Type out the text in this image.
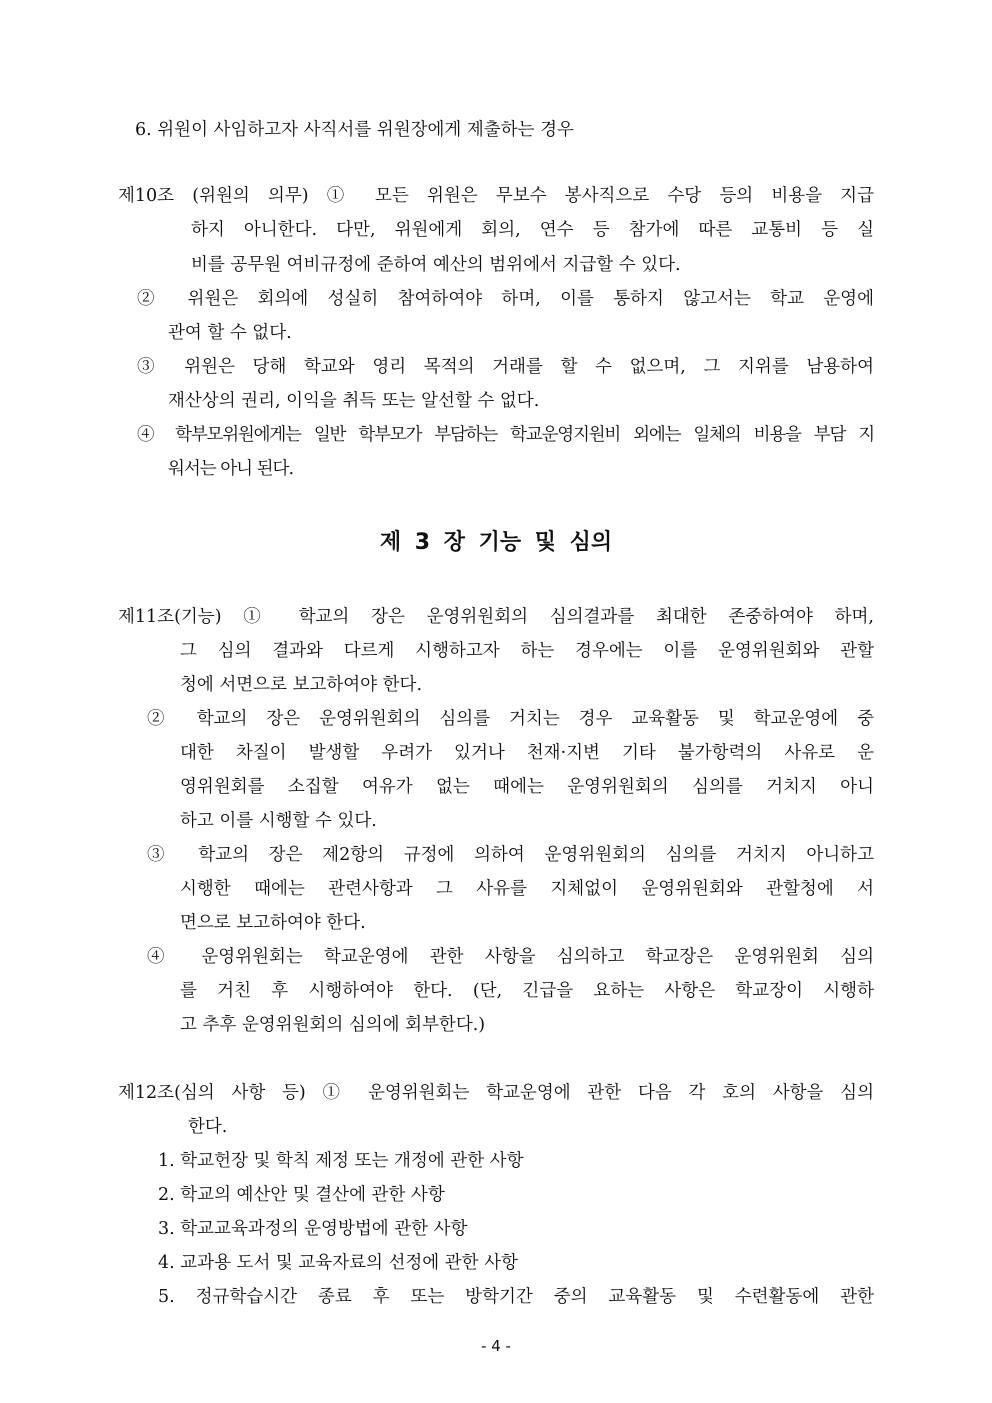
6. 위원이 사임하고자 사직서를 위원장에게 제출하는 경우
제10조 (위원의 의무) ① 모든 위원은 무보수 봉사직으로 수당 등의 비용을 지급
하지 아니한다. 다만, 위원에게 회의, 연수 등 참가에 따른 교통비 등 실
비를 공무원 여비규정에 준하여 예산의 범위에서 지급할 수 있다.
② 위원은 회의에 성실히 참여하여야 하며, 이를 통하지 않고서는 학교 운영에
관여 할 수 없다.
③ 위원은 당해 학교와 영리 목적의 거래를 할 수 없으며, 그 지위를 남용하여
재산상의 권리, 이익을 취득 또는 알선할 수 없다.
④ 학부모위원에게는 일반 학부모가 부담하는 학교운영지원비 외에는 일체의 비용을 부담 지
워서는 아니 된다.
제 3 장 기능 및 심의
제11조(기능) ① 학교의 장은 운영위원회의 심의결과를 최대한 존중하여야 하며,
그 심의 결과와 다르게 시행하고자 하는 경우에는 이를 운영위원회와 관할
청에 서면으로 보고하여야 한다.
② 학교의 장은 운영위원회의 심의를 거치는 경우 교육활동 및 학교운영에 중
대한 차질이 발생할 우려가 있거나 천재·지변 기타 불가항력의 사유로 운
영위원회를 소집할 여유가 없는 때에는 운영위원회의 심의를 거치지 아니
하고 이를 시행할 수 있다.
③ 학교의 장은 제2항의 규정에 의하여 운영위원회의 심의를 거치지 아니하고
시행한 때에는 관련사항과 그 사유를 지체없이 운영위원회와 관할청에 서
면으로 보고하여야 한다.
④ 운영위원회는 학교운영에 관한 사항을 심의하고 학교장은 운영위원회 심의
를 거친 후 시행하여야 한다. (단, 긴급을 요하는 사항은 학교장이 시행하
고 추후 운영위원회의 심의에 회부한다.)
제12조(심의 사항 등) ① 운영위원회는 학교운영에 관한 다음 각 호의 사항을 심의
한다.
1. 학교헌장 및 학칙 제정 또는 개정에 관한 사항
2. 학교의 예산안 및 결산에 관한 사항
3. 학교교육과정의 운영방법에 관한 사항
4. 교과용 도서 및 교육자료의 선정에 관한 사항
5. 정규학습시간 종료 후 또는 방학기간 중의 교육활동 및 수련활동에 관한
- 4 -
